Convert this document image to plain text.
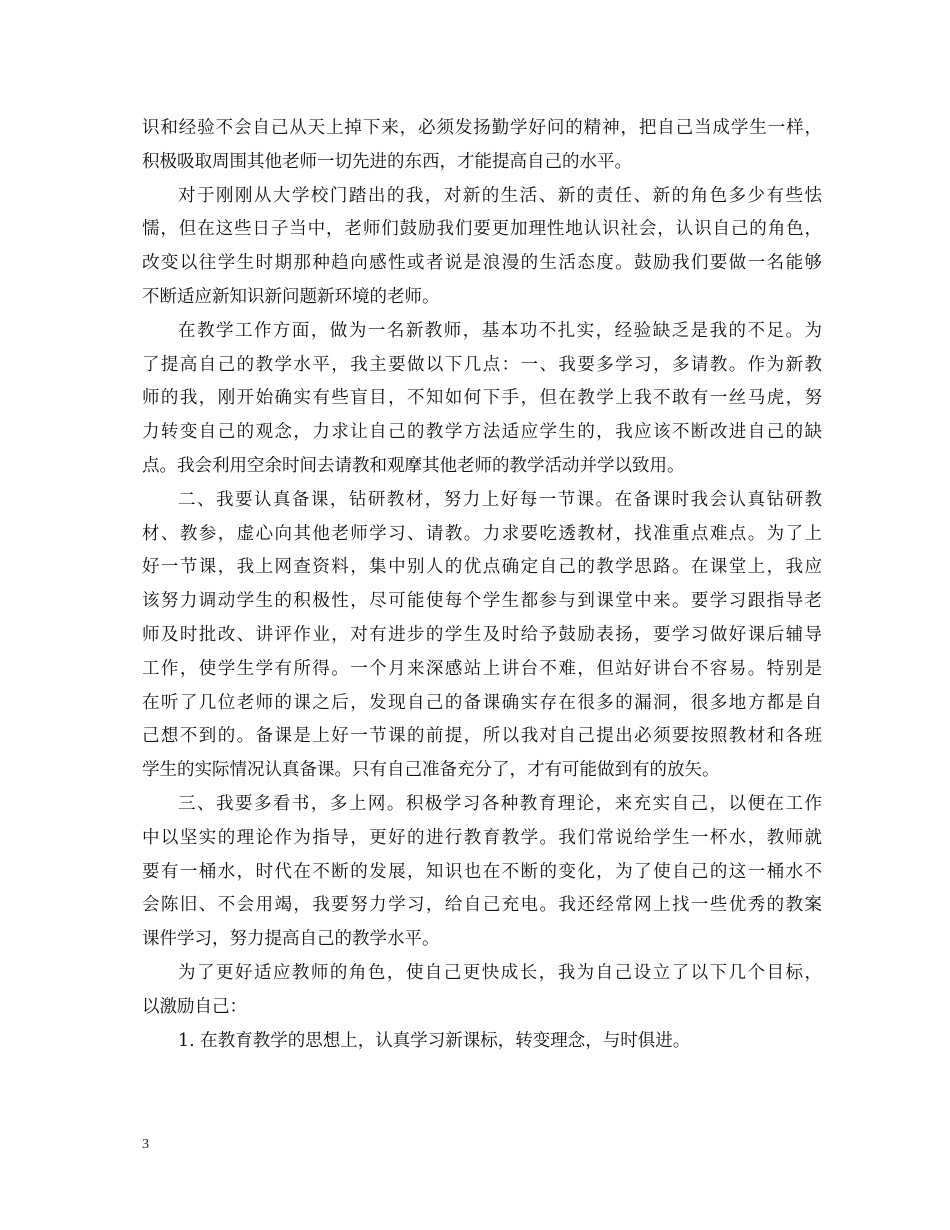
识和经验不会自己从天上掉下来，必须发扬勤学好问的精神，把自己当成学生一样，
积极吸取周围其他老师一切先进的东西，才能提高自己的水平。
对于刚刚从大学校门踏出的我，对新的生活、新的责任、新的角色多少有些怯
懦，但在这些日子当中，老师们鼓励我们要更加理性地认识社会，认识自己的角色，
改变以往学生时期那种趋向感性或者说是浪漫的生活态度。鼓励我们要做一名能够
不断适应新知识新问题新环境的老师。
在教学工作方面，做为一名新教师，基本功不扎实，经验缺乏是我的不足。为
了提高自己的教学水平，我主要做以下几点：一、我要多学习，多请教。作为新教
师的我，刚开始确实有些盲目，不知如何下手，但在教学上我不敢有一丝马虎，努
力转变自己的观念，力求让自己的教学方法适应学生的，我应该不断改进自己的缺
点。我会利用空余时间去请教和观摩其他老师的教学活动并学以致用。
二、我要认真备课，钻研教材，努力上好每一节课。在备课时我会认真钻研教
材、教参，虚心向其他老师学习、请教。力求要吃透教材，找准重点难点。为了上
好一节课，我上网查资料，集中别人的优点确定自己的教学思路。在课堂上，我应
该努力调动学生的积极性，尽可能使每个学生都参与到课堂中来。要学习跟指导老
师及时批改、讲评作业，对有进步的学生及时给予鼓励表扬，要学习做好课后辅导
工作，使学生学有所得。一个月来深感站上讲台不难，但站好讲台不容易。特别是
在听了几位老师的课之后，发现自己的备课确实存在很多的漏洞，很多地方都是自
己想不到的。备课是上好一节课的前提，所以我对自己提出必须要按照教材和各班
学生的实际情况认真备课。只有自己准备充分了，才有可能做到有的放矢。
三、我要多看书，多上网。积极学习各种教育理论，来充实自己，以便在工作
中以坚实的理论作为指导，更好的进行教育教学。我们常说给学生一杯水，教师就
要有一桶水，时代在不断的发展，知识也在不断的变化，为了使自己的这一桶水不
会陈旧、不会用竭，我要努力学习，给自己充电。我还经常网上找一些优秀的教案
课件学习，努力提高自己的教学水平。
为了更好适应教师的角色，使自己更快成长，我为自己设立了以下几个目标，
以激励自己：
1. 在教育教学的思想上，认真学习新课标，转变理念，与时俱进。
3
